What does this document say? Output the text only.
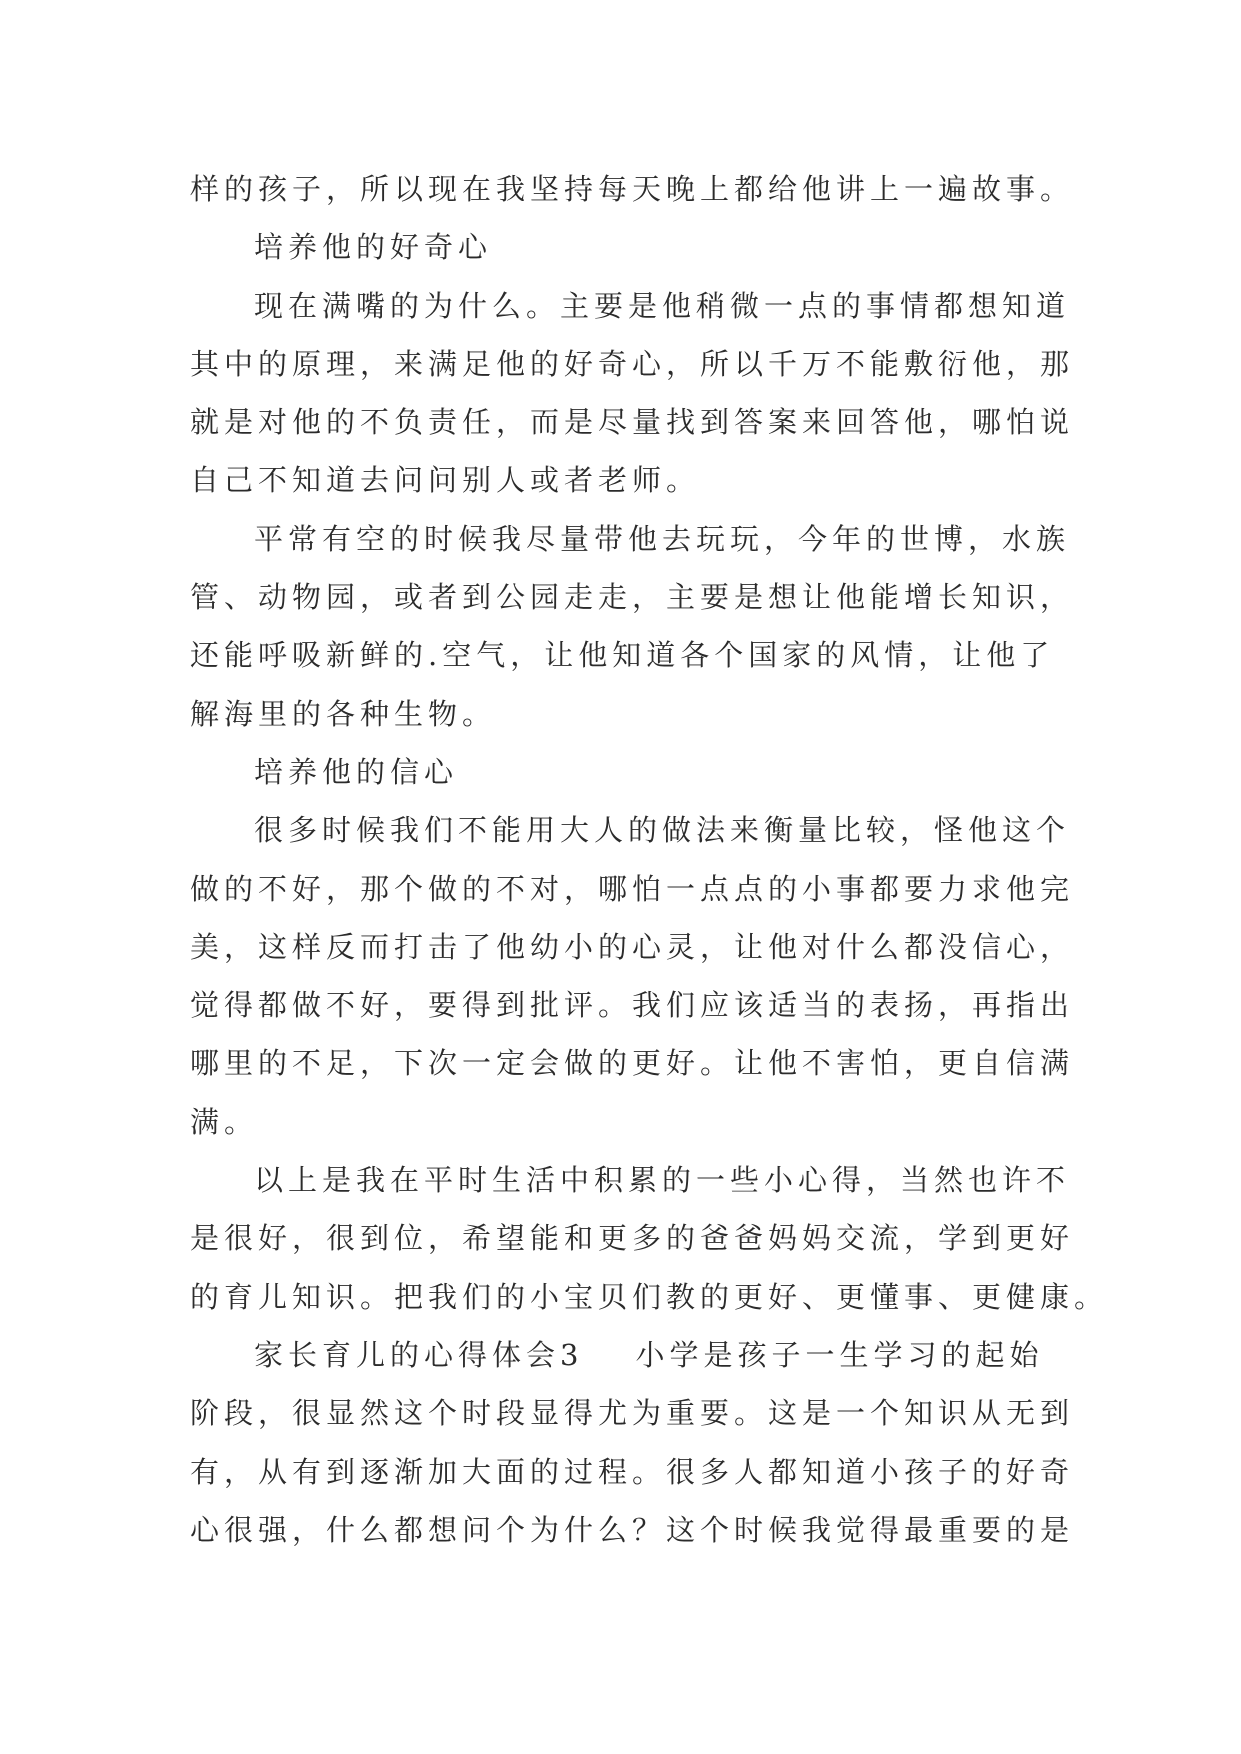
样的孩子，所以现在我坚持每天晚上都给他讲上一遍故事。
培养他的好奇心
现在满嘴的为什么。主要是他稍微一点的事情都想知道
其中的原理，来满足他的好奇心，所以千万不能敷衍他，那
就是对他的不负责任，而是尽量找到答案来回答他，哪怕说
自己不知道去问问别人或者老师。
平常有空的时候我尽量带他去玩玩，今年的世博，水族
管、动物园，或者到公园走走，主要是想让他能增长知识，
还能呼吸新鲜的.空气，让他知道各个国家的风情，让他了
解海里的各种生物。
培养他的信心
很多时候我们不能用大人的做法来衡量比较，怪他这个
做的不好，那个做的不对，哪怕一点点的小事都要力求他完
美，这样反而打击了他幼小的心灵，让他对什么都没信心，
觉得都做不好，要得到批评。我们应该适当的表扬，再指出
哪里的不足，下次一定会做的更好。让他不害怕，更自信满
满。
以上是我在平时生活中积累的一些小心得，当然也许不
是很好，很到位，希望能和更多的爸爸妈妈交流，学到更好
的育儿知识。把我们的小宝贝们教的更好、更懂事、更健康。
家长育儿的心得体会3 小学是孩子一生学习的起始
阶段，很显然这个时段显得尤为重要。这是一个知识从无到
有，从有到逐渐加大面的过程。很多人都知道小孩子的好奇
心很强，什么都想问个为什么？这个时候我觉得最重要的是
